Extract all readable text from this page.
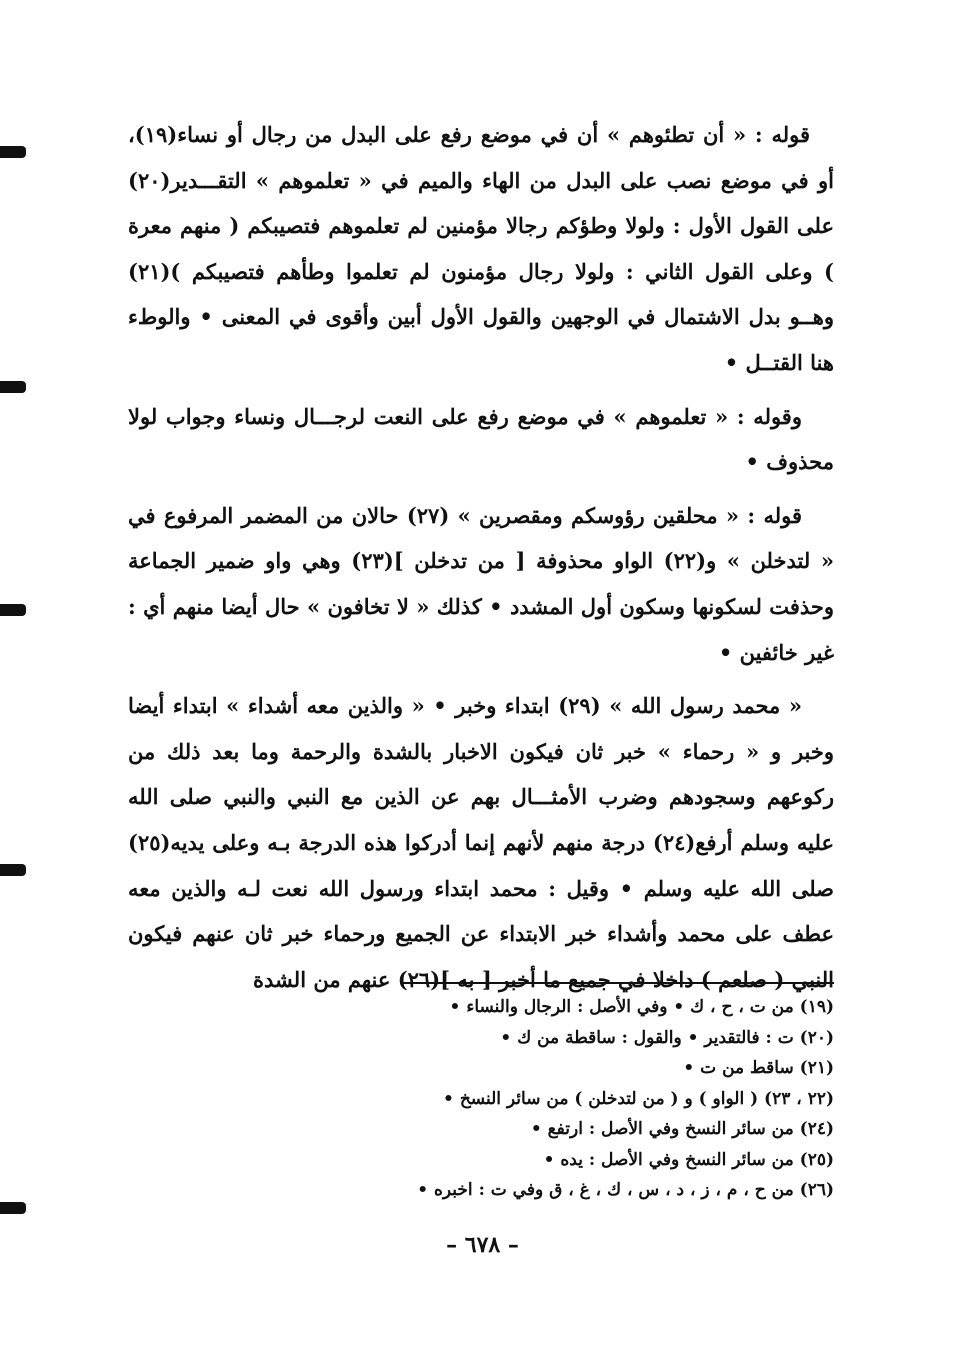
قوله : « أن تطئوهم » أن في موضع رفع على البدل من رجال أو نساء(١٩)، أو في موضع نصب على البدل من الهاء والميم في « تعلموهم » التقـــدير(٢٠) على القول الأول : ولولا وطؤكم رجالا مؤمنين لم تعلموهم فتصيبكم ( منهم معرة ) وعلى القول الثاني : ولولا رجال مؤمنون لم تعلموا وطأهم فتصيبكم )(٢١) وهــو بدل الاشتمال في الوجهين والقول الأول أبين وأقوى في المعنى • والوطء هنا القتــل •

وقوله : « تعلموهم » في موضع رفع على النعت لرجـــال ونساء وجواب لولا محذوف •

قوله : « محلقين رؤوسكم ومقصرين » (٢٧) حالان من المضمر المرفوع في « لتدخلن » و(٢٢) الواو محذوفة [ من تدخلن ](٢٣) وهي واو ضمير الجماعة وحذفت لسكونها وسكون أول المشدد • كذلك « لا تخافون » حال أيضا منهم أي : غير خائفين •

« محمد رسول الله » (٢٩) ابتداء وخبر • « والذين معه أشداء » ابتداء أيضا وخبر و « رحماء » خبر ثان فيكون الاخبار بالشدة والرحمة وما بعد ذلك من ركوعهم وسجودهم وضرب الأمثـــال بهم عن الذين مع النبي والنبي صلى الله عليه وسلم أرفع(٢٤) درجة منهم لأنهم إنما أدركوا هذه الدرجة بـه وعلى يديه(٢٥) صلى الله عليه وسلم • وقيل : محمد ابتداء ورسول الله نعت لـه والذين معه عطف على محمد وأشداء خبر الابتداء عن الجميع ورحماء خبر ثان عنهم فيكون النبي ( صلعم ) داخلا في جميع ما أخبر [ به ](٢٦) عنهم من الشدة

(١٩) من ت ، ح ، ك • وفي الأصل : الرجال والنساء •
(٢٠) ت : فالتقدير • والقول : ساقطة من ك •
(٢١) ساقط من ت •
(٢٢ ، ٢٣) ( الواو ) و ( من لتدخلن ) من سائر النسخ •
(٢٤) من سائر النسخ وفي الأصل : ارتفع •
(٢٥) من سائر النسخ وفي الأصل : يده •
(٢٦) من ح ، م ، ز ، د ، س ، ك ، غ ، ق وفي ت : اخبره •
– ٦٧٨ –
